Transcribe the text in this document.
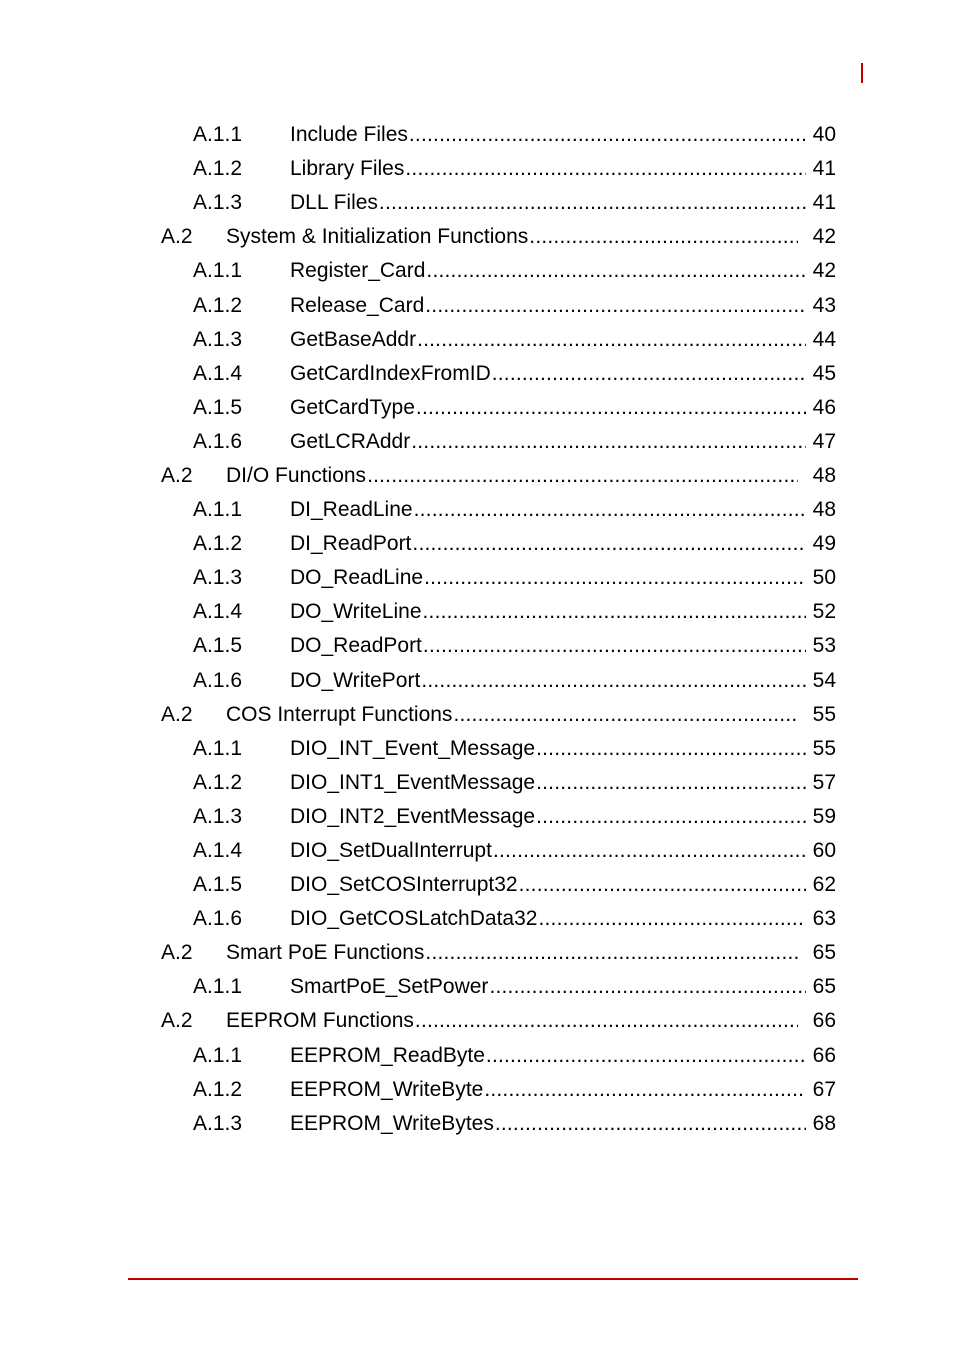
A.1.1	Include Files .....	40
A.1.2	Library Files .....	41
A.1.3	DLL Files .....	41
A.2	System & Initialization Functions .....	42
A.1.1	Register_Card .....	42
A.1.2	Release_Card .....	43
A.1.3	GetBaseAddr .....	44
A.1.4	GetCardIndexFromID .....	45
A.1.5	GetCardType .....	46
A.1.6	GetLCRAddr .....	47
A.2	DI/O Functions .....	48
A.1.1	DI_ReadLine .....	48
A.1.2	DI_ReadPort .....	49
A.1.3	DO_ReadLine .....	50
A.1.4	DO_WriteLine .....	52
A.1.5	DO_ReadPort .....	53
A.1.6	DO_WritePort .....	54
A.2	COS Interrupt Functions .....	55
A.1.1	DIO_INT_Event_Message .....	55
A.1.2	DIO_INT1_EventMessage .....	57
A.1.3	DIO_INT2_EventMessage .....	59
A.1.4	DIO_SetDualInterrupt .....	60
A.1.5	DIO_SetCOSInterrupt32 .....	62
A.1.6	DIO_GetCOSLatchData32 .....	63
A.2	Smart PoE Functions .....	65
A.1.1	SmartPoE_SetPower .....	65
A.2	EEPROM Functions .....	66
A.1.1	EEPROM_ReadByte .....	66
A.1.2	EEPROM_WriteByte .....	67
A.1.3	EEPROM_WriteBytes .....	68
